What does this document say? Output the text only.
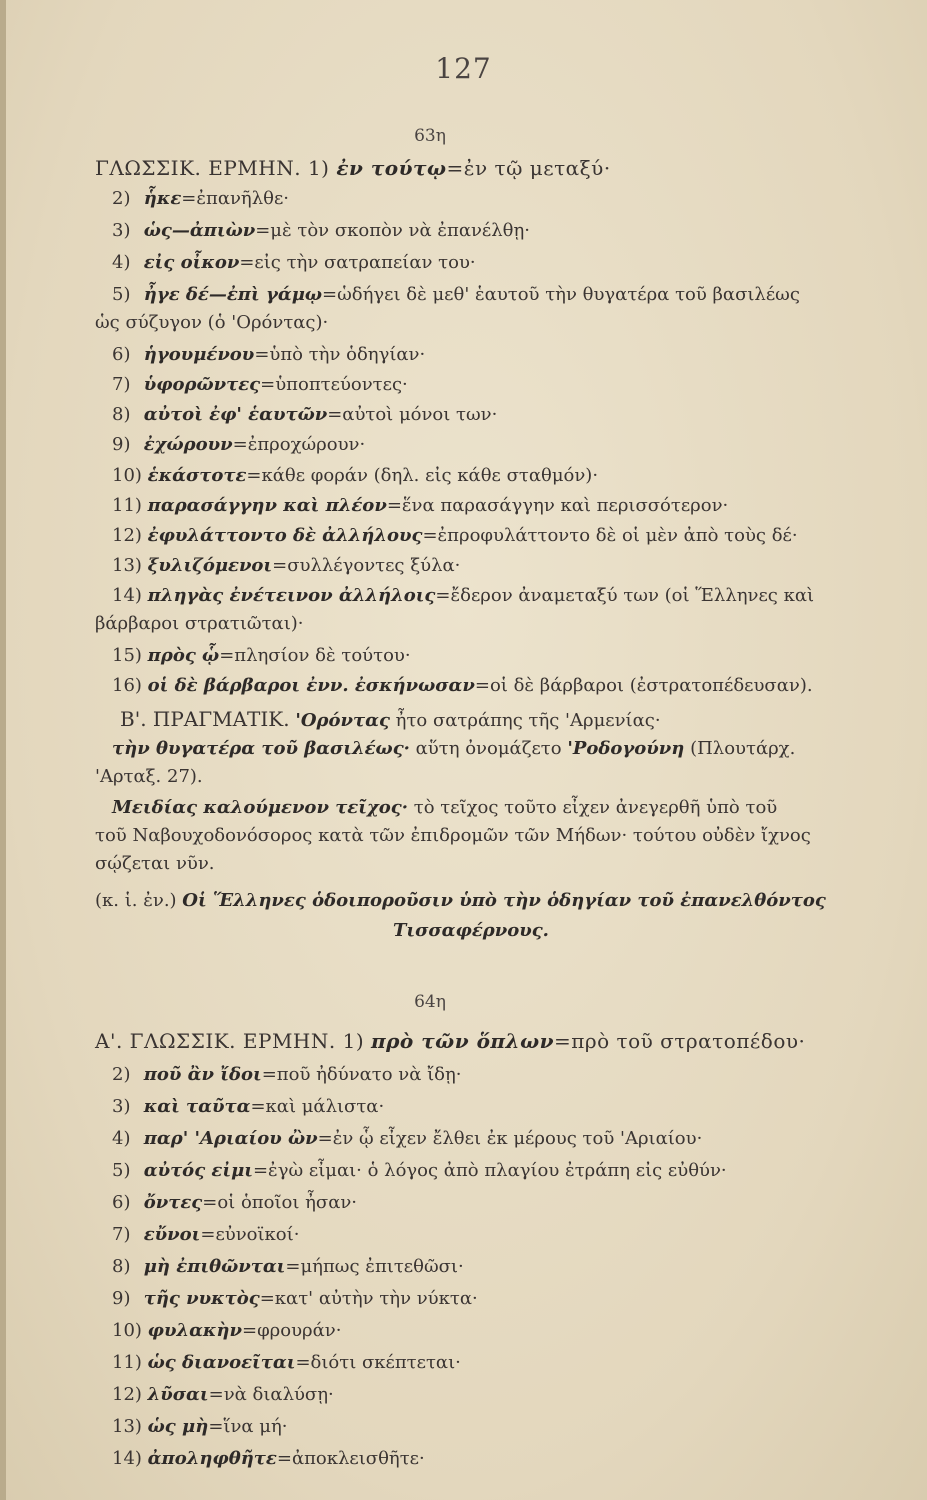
127
63η
ΓΛΩΣΣΙΚ. ΕΡΜΗΝ. 1) ἐν τούτῳ=ἐν τῷ μεταξύ·
2) ἧκε=ἐπανῆλθε·
3) ὡς—ἀπιὼν=μὲ τὸν σκοπὸν νὰ ἐπανέλθῃ·
4) εἰς οἶκον=εἰς τὴν σατραπείαν του·
5) ἦγε δέ—ἐπὶ γάμῳ=ὡδήγει δὲ μεθ' ἑαυτοῦ τὴν θυγατέρα τοῦ βασιλέως
ὡς σύζυγον (ὁ 'Ορόντας)·
6) ἡγουμένου=ὑπὸ τὴν ὁδηγίαν·
7) ὑφορῶντες=ὑποπτεύοντες·
8) αὐτοὶ ἐφ' ἑαυτῶν=αὐτοὶ μόνοι των·
9) ἐχώρουν=ἐπροχώρουν·
10) ἑκάστοτε=κάθε φοράν (δηλ. εἰς κάθε σταθμόν)·
11) παρασάγγην καὶ πλέον=ἕνα παρασάγγην καὶ περισσότερον·
12) ἐφυλάττοντο δὲ ἀλλήλους=ἐπροφυλάττοντο δὲ οἱ μὲν ἀπὸ τοὺς δέ·
13) ξυλιζόμενοι=συλλέγοντες ξύλα·
14) πληγὰς ἐνέτεινον ἀλλήλοις=ἔδερον ἀναμεταξύ των (οἱ Ἕλληνες καὶ
βάρβαροι στρατιῶται)·
15) πρὸς ᾧ=πλησίον δὲ τούτου·
16) οἱ δὲ βάρβαροι ἐνν. ἐσκήνωσαν=οἱ δὲ βάρβαροι (ἐστρατοπέδευσαν).
Β'. ΠΡΑΓΜΑΤΙΚ. 'Ορόντας ἦτο σατράπης τῆς 'Αρμενίας·
τὴν θυγατέρα τοῦ βασιλέως· αὕτη ὀνομάζετο 'Ροδογούνη (Πλουτάρχ.
'Αρταξ. 27).
Μειδίας καλούμενον τεῖχος· τὸ τεῖχος τοῦτο εἶχεν ἀνεγερθῆ ὑπὸ τοῦ
τοῦ Ναβουχοδονόσορος κατὰ τῶν ἐπιδρομῶν τῶν Μήδων· τούτου οὐδὲν ἴχνος
σῴζεται νῦν.
(κ. ἱ. ἐν.) Οἱ Ἕλληνες ὁδοιποροῦσιν ὑπὸ τὴν ὁδηγίαν τοῦ ἐπανελθόντος
Τισσαφέρνους.
64η
Α'. ΓΛΩΣΣΙΚ. ΕΡΜΗΝ. 1) πρὸ τῶν ὅπλων=πρὸ τοῦ στρατοπέδου·
2) ποῦ ἂν ἴδοι=ποῦ ἠδύνατο νὰ ἴδῃ·
3) καὶ ταῦτα=καὶ μάλιστα·
4) παρ' 'Αριαίου ὢν=ἐν ᾧ εἶχεν ἔλθει ἐκ μέρους τοῦ 'Αριαίου·
5) αὐτός εἰμι=ἐγὼ εἶμαι· ὁ λόγος ἀπὸ πλαγίου ἐτράπη εἰς εὐθύν·
6) ὄντες=οἱ ὁποῖοι ἦσαν·
7) εὔνοι=εὐνοϊκοί·
8) μὴ ἐπιθῶνται=μήπως ἐπιτεθῶσι·
9) τῆς νυκτὸς=κατ' αὐτὴν τὴν νύκτα·
10) φυλακὴν=φρουράν·
11) ὡς διανοεῖται=διότι σκέπτεται·
12) λῦσαι=νὰ διαλύσῃ·
13) ὡς μὴ=ἵνα μή·
14) ἀποληφθῆτε=ἀποκλεισθῆτε·
